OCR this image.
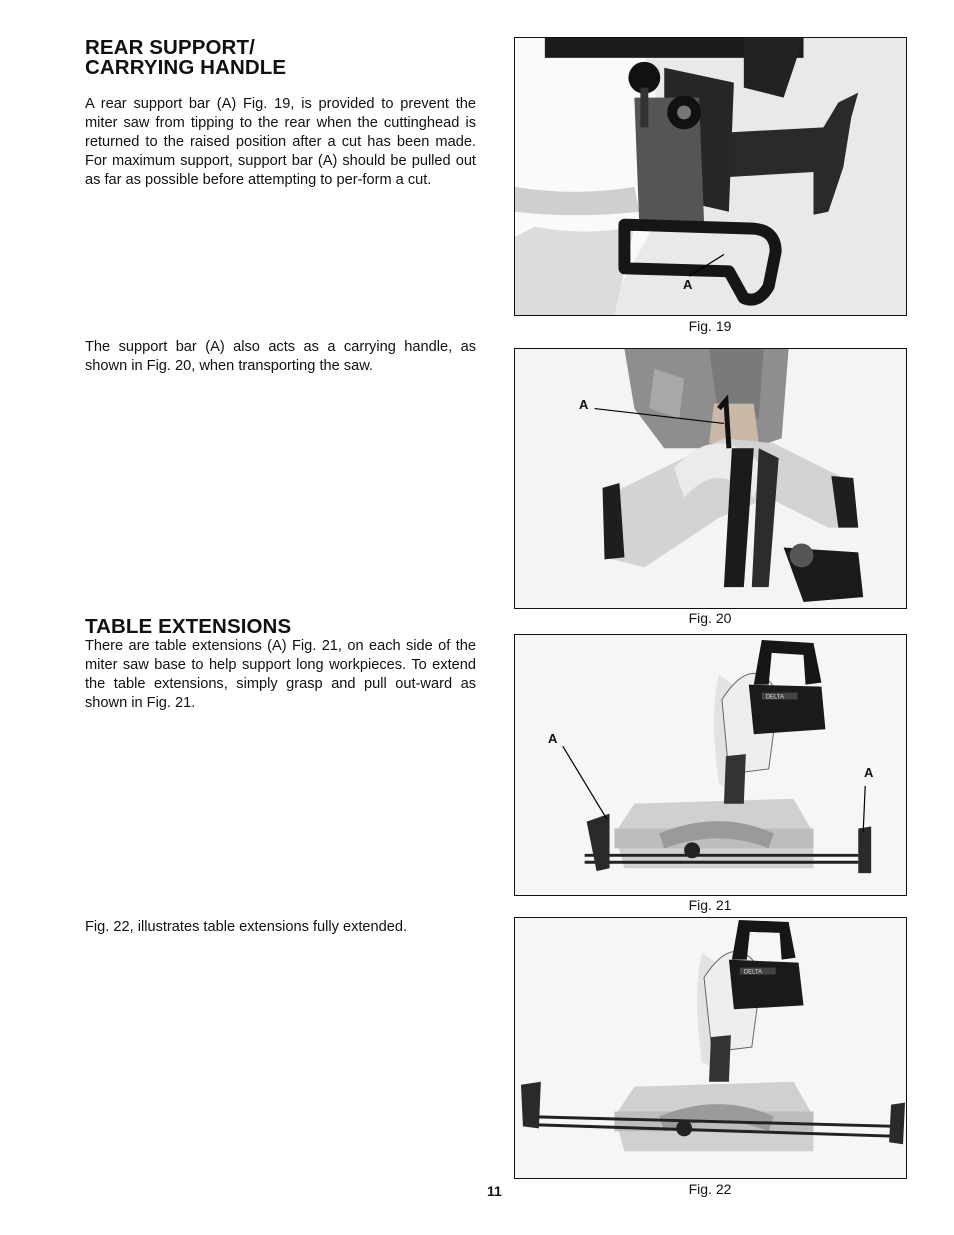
REAR SUPPORT/
CARRYING HANDLE

A rear support bar (A) Fig. 19, is provided to prevent the miter saw from tipping to the rear when the cuttinghead is returned to the raised position after a cut has been made. For maximum support, support bar (A) should be pulled out as far as possible before attempting to per-form a cut.

The support bar (A) also acts as a carrying handle, as shown in Fig. 20, when transporting the saw.

TABLE EXTENSIONS

There are table extensions (A) Fig. 21, on each side of the miter saw base to help support long workpieces. To extend the table extensions, simply grasp and pull out-ward as shown in Fig. 21.

Fig. 22, illustrates table extensions fully extended.

A
Fig. 19
A
Fig. 20
DELTA
A
A
Fig. 21
DELTA
Fig. 22
11
